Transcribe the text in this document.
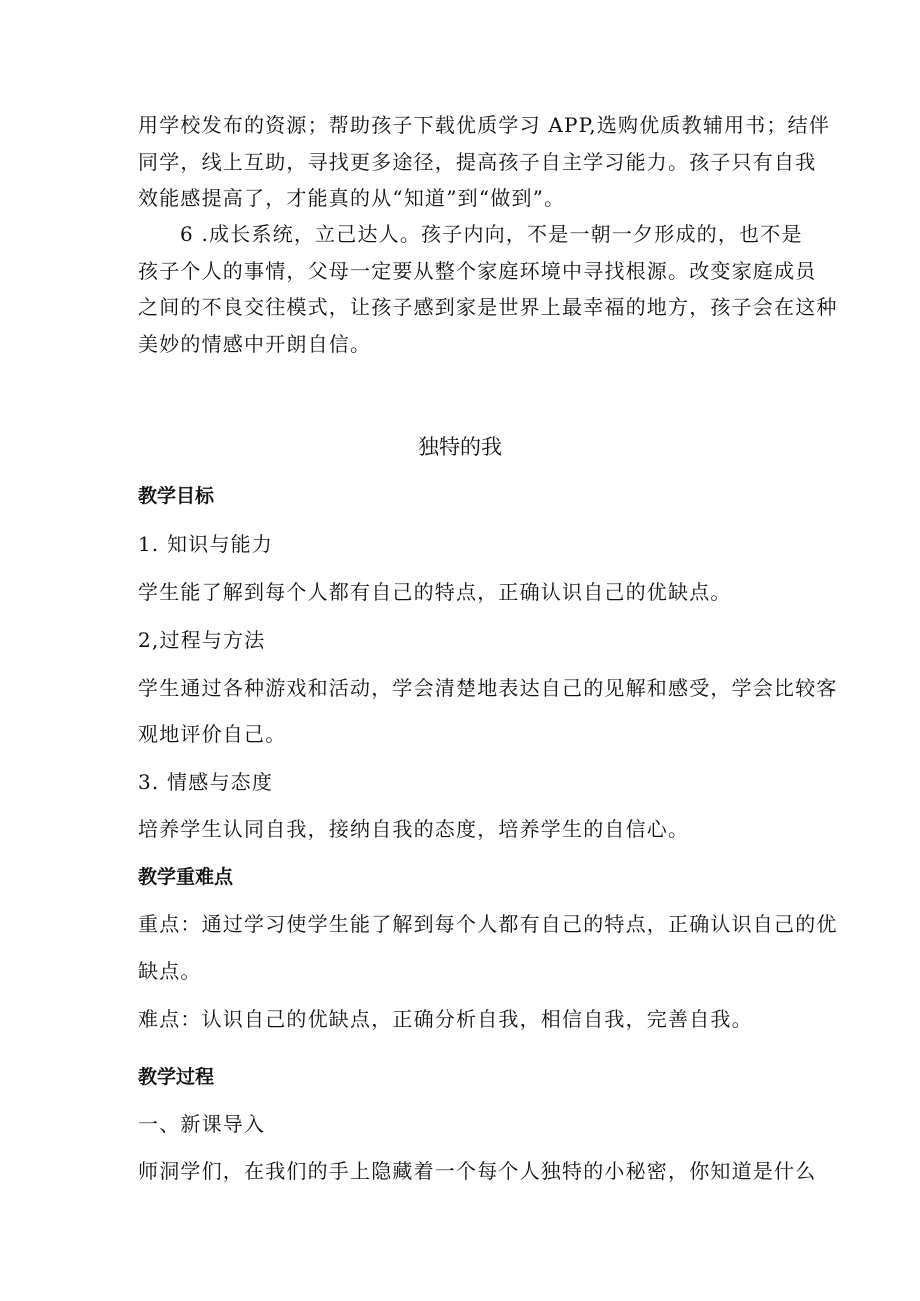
用学校发布的资源；帮助孩子下载优质学习 APP,选购优质教辅用书；结伴
同学，线上互助，寻找更多途径，提高孩子自主学习能力。孩子只有自我
效能感提高了，才能真的从“知道”到“做到”。
6 .成长系统，立己达人。孩子内向，不是一朝一夕形成的，也不是
孩子个人的事情，父母一定要从整个家庭环境中寻找根源。改变家庭成员
之间的不良交往模式，让孩子感到家是世界上最幸福的地方，孩子会在这种
美妙的情感中开朗自信。
独特的我
教学目标
1. 知识与能力
学生能了解到每个人都有自己的特点，正确认识自己的优缺点。
2,过程与方法
学生通过各种游戏和活动，学会清楚地表达自己的见解和感受，学会比较客
观地评价自己。
3. 情感与态度
培养学生认同自我，接纳自我的态度，培养学生的自信心。
教学重难点
重点：通过学习使学生能了解到每个人都有自己的特点，正确认识自己的优
缺点。
难点：认识自己的优缺点，正确分析自我，相信自我，完善自我。
教学过程
一、新课导入
师洞学们，在我们的手上隐藏着一个每个人独特的小秘密，你知道是什么
